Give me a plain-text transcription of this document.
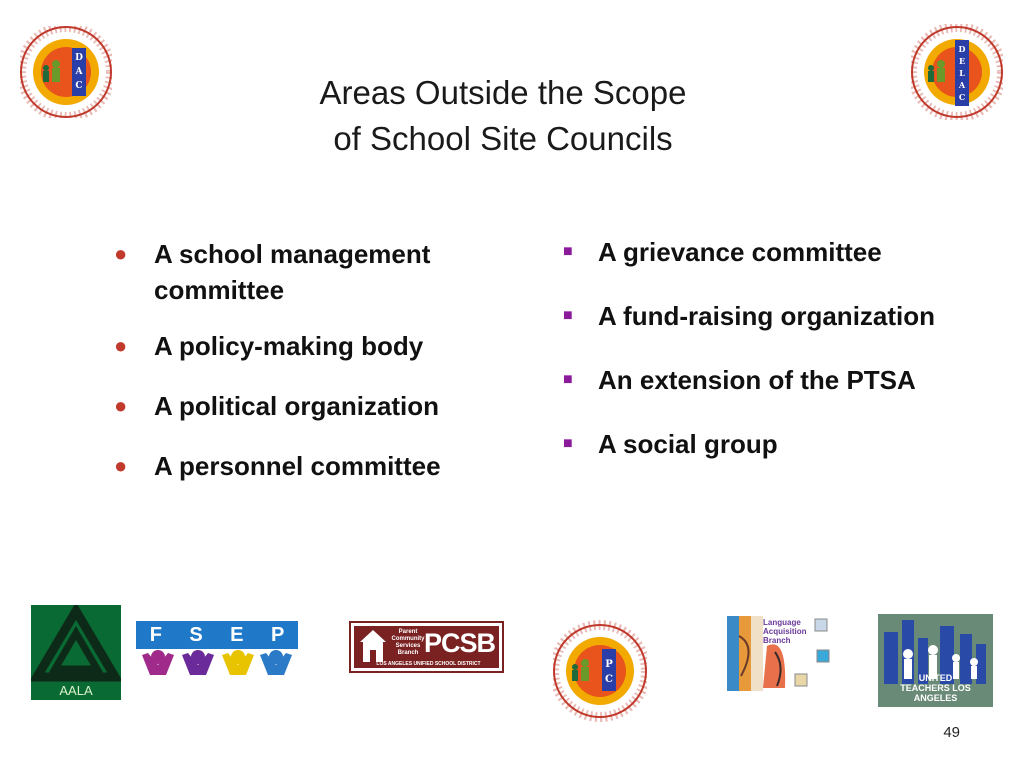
D
A
C
D
E
L
A
C
Areas Outside the Scope
of School Site Councils
● A school management committee
● A policy-making body
● A political organization
● A personnel committee
■ A grievance committee
■ A fund-raising organization
■ An extension of the PTSA
■ A social group
AALA
F S E P	Parent Community Services Branch PCSB
LOS ANGELES UNIFIED SCHOOL DISTRICT	P
C
Language Acquisition Branch
UNITED TEACHERS LOS ANGELES
49
